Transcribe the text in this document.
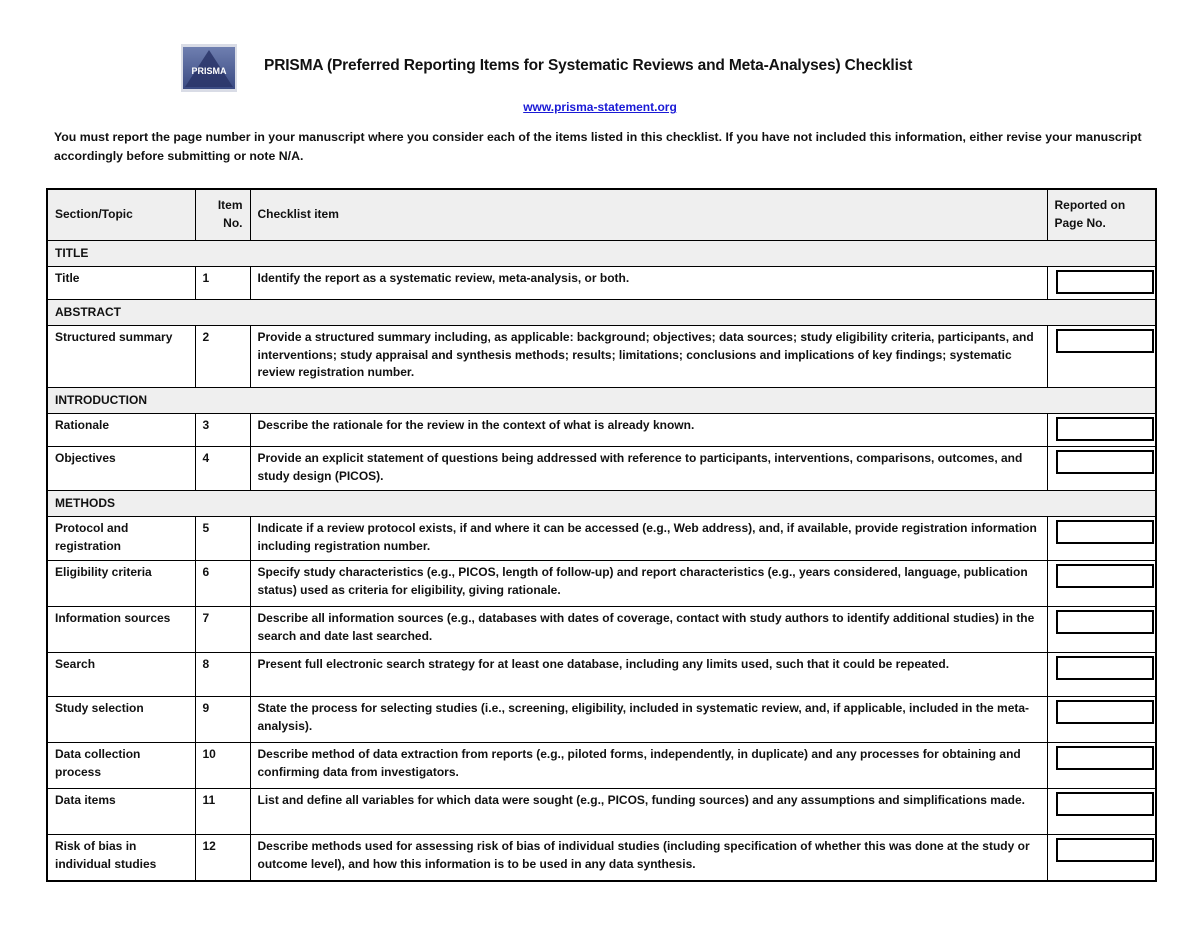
PRISMA PRISMA (Preferred Reporting Items for Systematic Reviews and Meta-Analyses) Checklist
www.prisma-statement.org
You must report the page number in your manuscript where you consider each of the items listed in this checklist. If you have not included this information, either revise your manuscript accordingly before submitting or note N/A.
Section/Topic	Item No.	Checklist item	Reported on Page No.
TITLE			
Title	1	Identify the report as a systematic review, meta-analysis, or both.	

ABSTRACT			
Structured summary	2	Provide a structured summary including, as applicable: background; objectives; data sources; study eligibility criteria, participants, and interventions; study appraisal and synthesis methods; results; limitations; conclusions and implications of key findings; systematic review registration number.	

INTRODUCTION			
Rationale	3	Describe the rationale for the review in the context of what is already known.	

Objectives	4	Provide an explicit statement of questions being addressed with reference to participants, interventions, comparisons, outcomes, and study design (PICOS).	

METHODS			
Protocol and registration	5	Indicate if a review protocol exists, if and where it can be accessed (e.g., Web address), and, if available, provide registration information including registration number.	

Eligibility criteria	6	Specify study characteristics (e.g., PICOS, length of follow-up) and report characteristics (e.g., years considered, language, publication status) used as criteria for eligibility, giving rationale.	

Information sources	7	Describe all information sources (e.g., databases with dates of coverage, contact with study authors to identify additional studies) in the search and date last searched.	

Search	8	Present full electronic search strategy for at least one database, including any limits used, such that it could be repeated.	

Study selection	9	State the process for selecting studies (i.e., screening, eligibility, included in systematic review, and, if applicable, included in the meta-analysis).	

Data collection process	10	Describe method of data extraction from reports (e.g., piloted forms, independently, in duplicate) and any processes for obtaining and confirming data from investigators.	

Data items	11	List and define all variables for which data were sought (e.g., PICOS, funding sources) and any assumptions and simplifications made.	

Risk of bias in individual studies	12	Describe methods used for assessing risk of bias of individual studies (including specification of whether this was done at the study or outcome level), and how this information is to be used in any data synthesis.	
